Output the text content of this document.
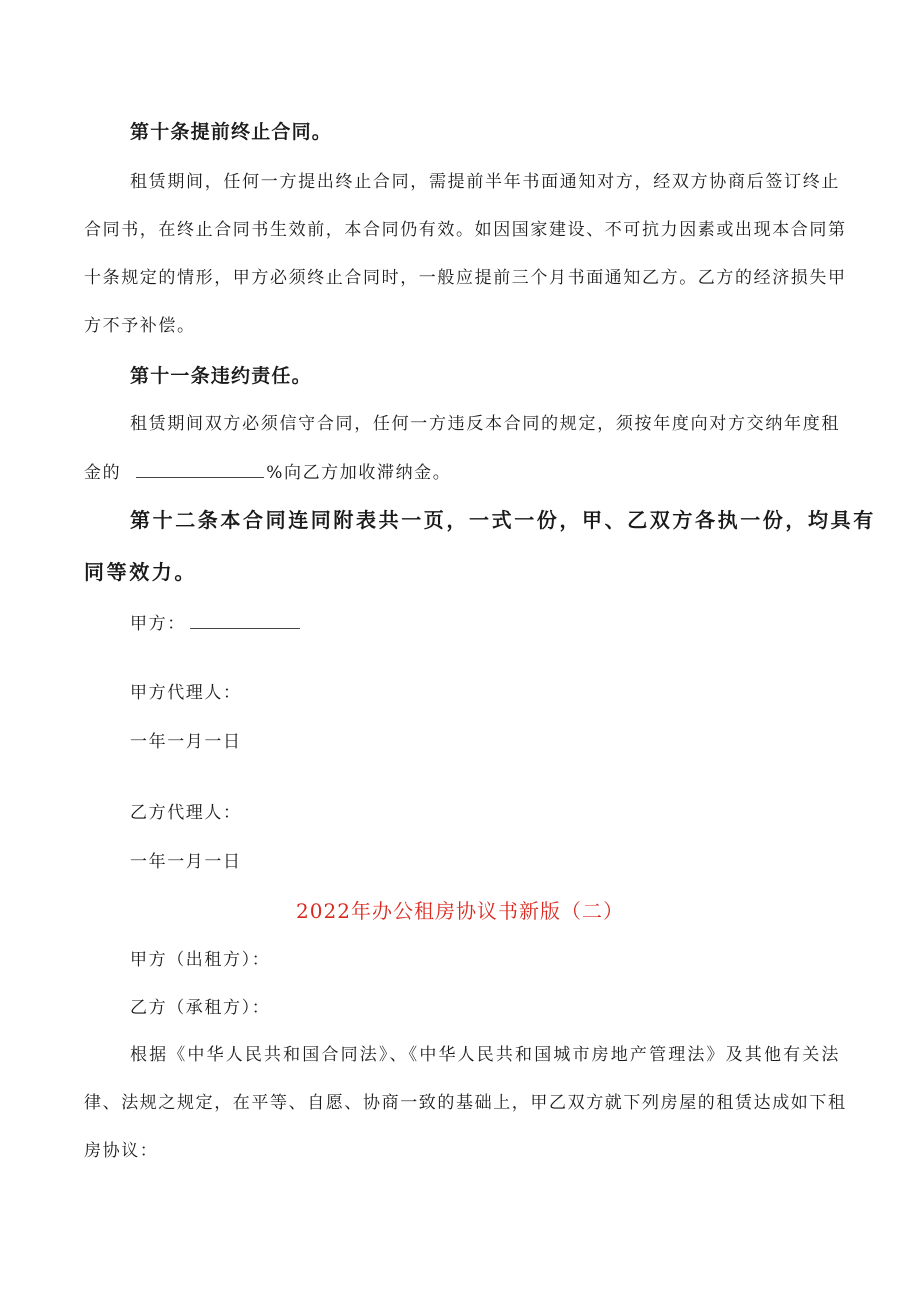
第十条提前终止合同。
租赁期间，任何一方提出终止合同，需提前半年书面通知对方，经双方协商后签订终止
合同书，在终止合同书生效前，本合同仍有效。如因国家建设、不可抗力因素或出现本合同第
十条规定的情形，甲方必须终止合同时，一般应提前三个月书面通知乙方。乙方的经济损失甲
方不予补偿。
第十一条违约责任。
租赁期间双方必须信守合同，任何一方违反本合同的规定，须按年度向对方交纳年度租
金的	%向乙方加收滞纳金。
第十二条本合同连同附表共一页，一式一份，甲、乙双方各执一份，均具有
同等效力。
甲方：
甲方代理人：
一年一月一日
乙方代理人：
一年一月一日
2022年办公租房协议书新版（二）
甲方（出租方）：
乙方（承租方）：
根据《中华人民共和国合同法》、《中华人民共和国城市房地产管理法》及其他有关法
律、法规之规定，在平等、自愿、协商一致的基础上，甲乙双方就下列房屋的租赁达成如下租
房协议：
